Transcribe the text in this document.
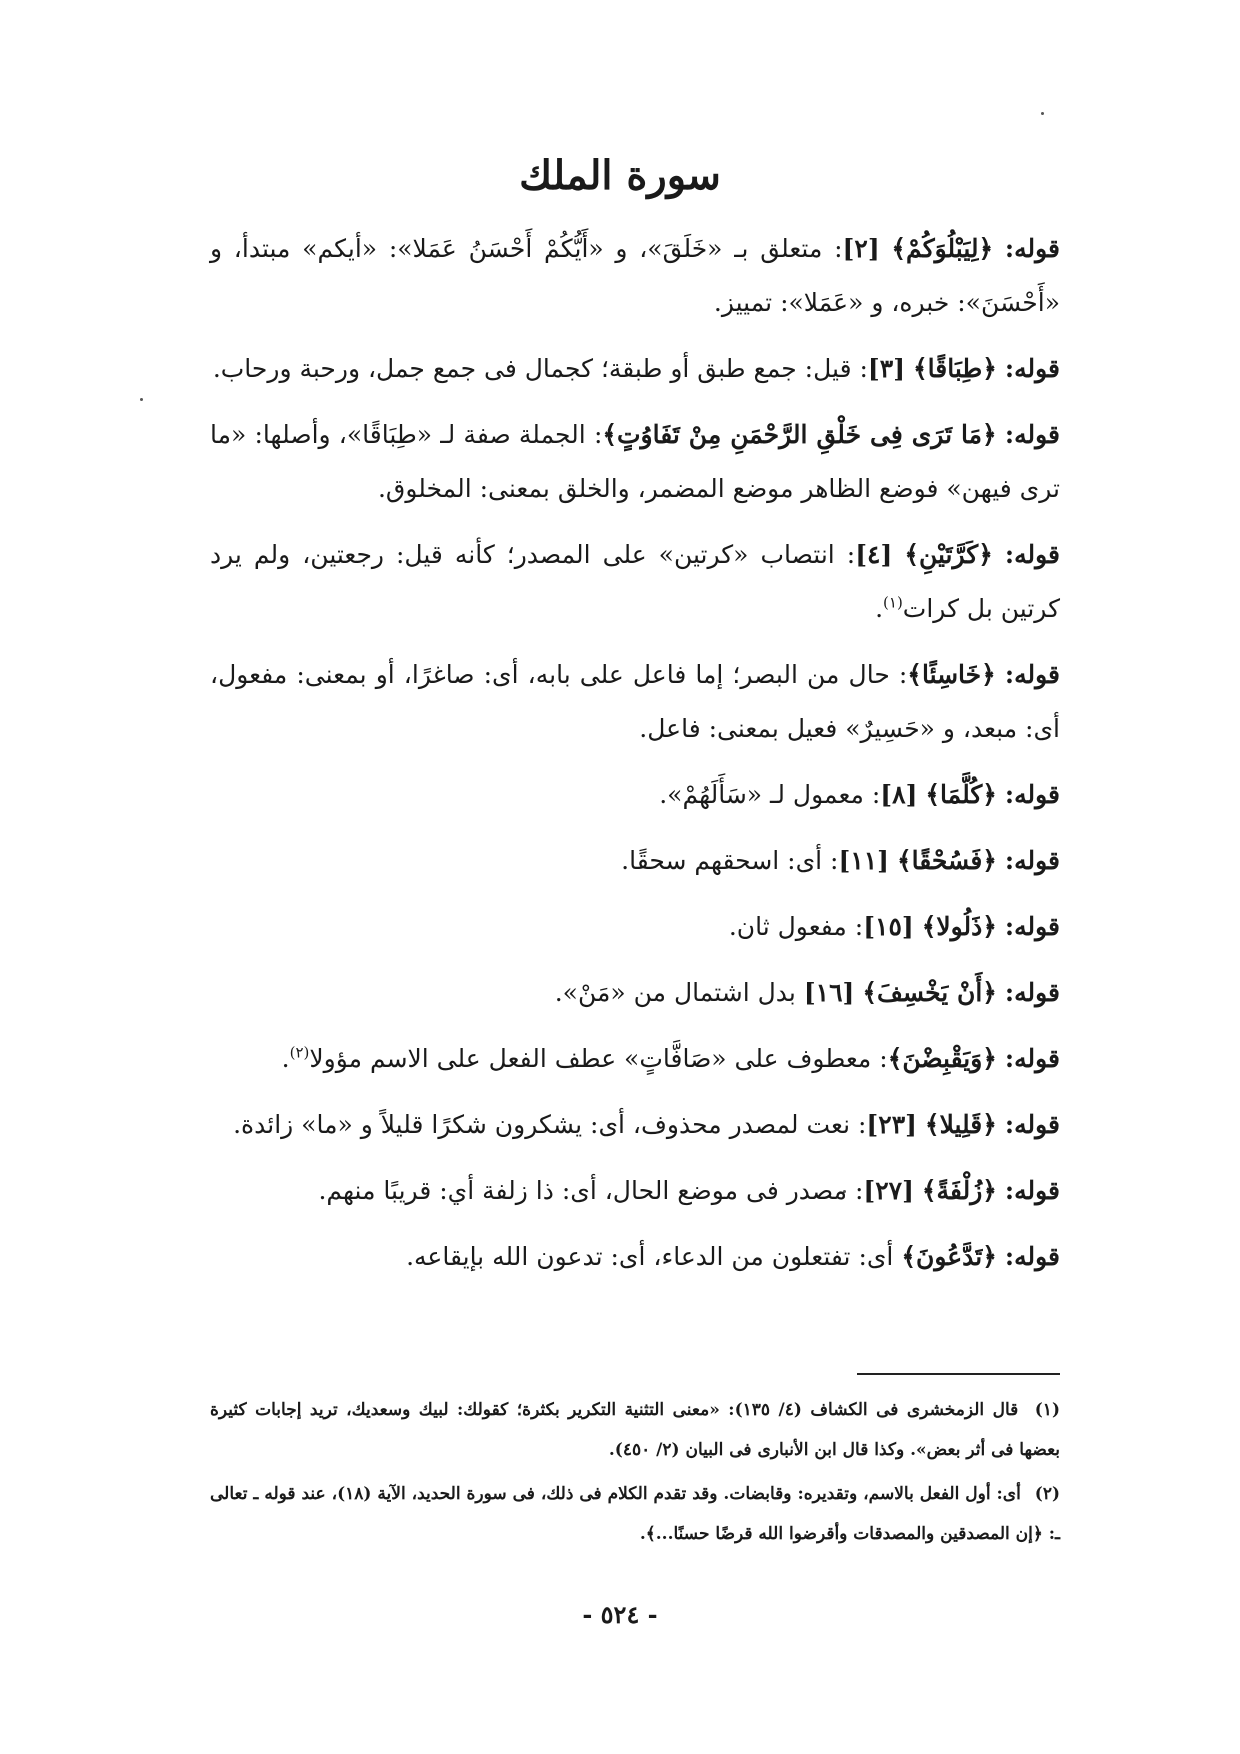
سورة الملك

قوله: ﴿لِيَبْلُوَكُمْ﴾ [٢]: متعلق بـ «خَلَقَ»، و «أَيُّكُمْ أَحْسَنُ عَمَلا»: «أيكم» مبتدأ، و «أَحْسَنَ»: خبره، و «عَمَلا»: تمييز.

قوله: ﴿طِبَاقًا﴾ [٣]: قيل: جمع طبق أو طبقة؛ كجمال فى جمع جمل، ورحبة ورحاب.

قوله: ﴿مَا تَرَى فِى خَلْقِ الرَّحْمَنِ مِنْ تَفَاوُتٍ﴾: الجملة صفة لـ «طِبَاقًا»، وأصلها: «ما ترى فيهن» فوضع الظاهر موضع المضمر، والخلق بمعنى: المخلوق.

قوله: ﴿كَرَّتَيْنِ﴾ [٤]: انتصاب «كرتين» على المصدر؛ كأنه قيل: رجعتين، ولم يرد كرتين بل كرات$^{(١)}$.

قوله: ﴿خَاسِئًا﴾: حال من البصر؛ إما فاعل على بابه، أى: صاغرًا، أو بمعنى: مفعول، أى: مبعد، و «حَسِيرٌ» فعيل بمعنى: فاعل.

قوله: ﴿كُلَّمَا﴾ [٨]: معمول لـ «سَأَلَهُمْ».

قوله: ﴿فَسُحْقًا﴾ [١١]: أى: اسحقهم سحقًا.

قوله: ﴿ذَلُولا﴾ [١٥]: مفعول ثان.

قوله: ﴿أَنْ يَخْسِفَ﴾ [١٦] بدل اشتمال من «مَنْ».

قوله: ﴿وَيَقْبِضْنَ﴾: معطوف على «صَافَّاتٍ» عطف الفعل على الاسم مؤولا$^{(٢)}$.

قوله: ﴿قَلِيلا﴾ [٢٣]: نعت لمصدر محذوف، أى: يشكرون شكرًا قليلاً و «ما» زائدة.

قوله: ﴿زُلْفَةً﴾ [٢٧]: مصدر فى موضع الحال، أى: ذا زلفة أي: قريبًا منهم.

قوله: ﴿تَدَّعُونَ﴾ أى: تفتعلون من الدعاء، أى: تدعون الله بإيقاعه.

(١) قال الزمخشرى فى الكشاف (٤/ ١٣٥): «معنى التثنية التكرير بكثرة؛ كقولك: لبيك وسعديك، تريد إجابات كثيرة بعضها فى أثر بعض». وكذا قال ابن الأنبارى فى البيان (٢/ ٤٥٠).

(٢) أى: أول الفعل بالاسم، وتقديره: وقابضات. وقد تقدم الكلام فى ذلك، فى سورة الحديد، الآية (١٨)، عند قوله ـ تعالى ـ: ﴿إن المصدقين والمصدقات وأقرضوا الله قرضًا حسنًا...﴾.

- ٥٢٤ -
